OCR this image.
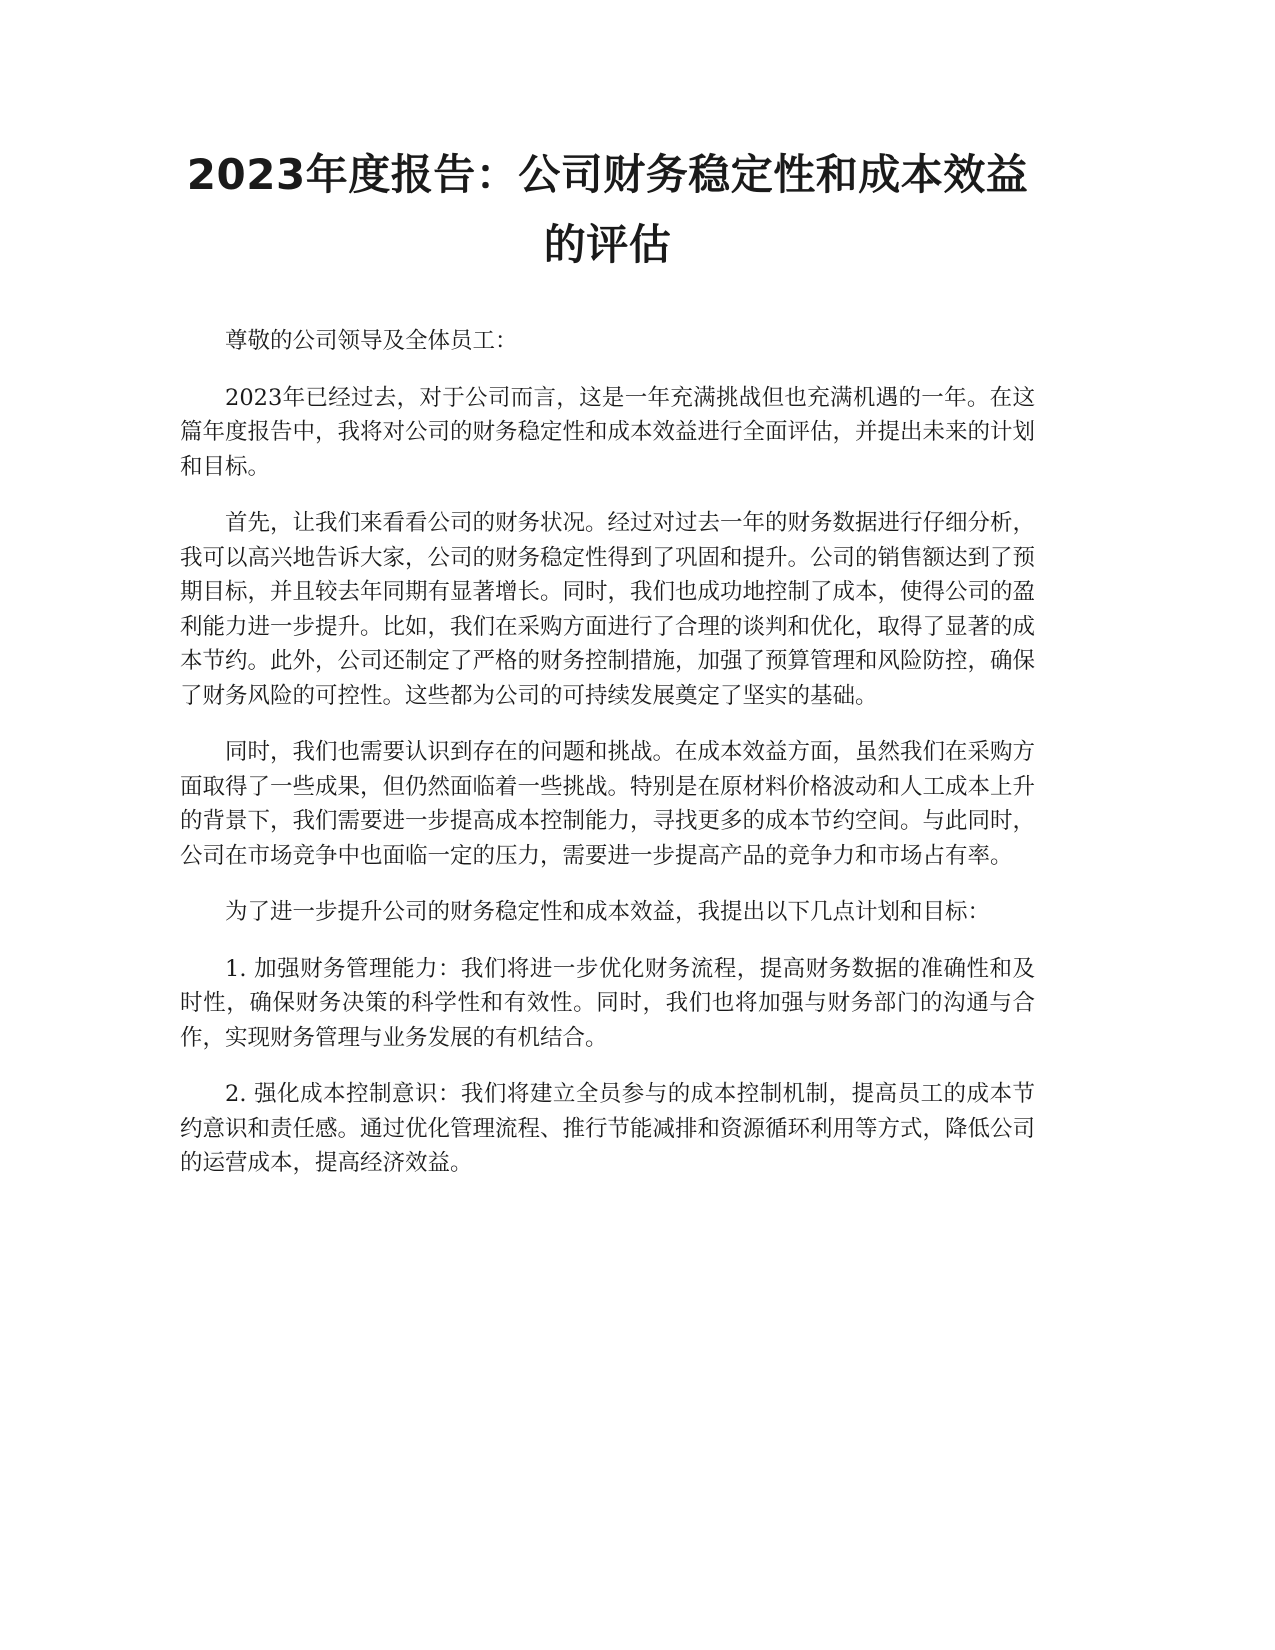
2023年度报告：公司财务稳定性和成本效益的评估

尊敬的公司领导及全体员工：

2023年已经过去，对于公司而言，这是一年充满挑战但也充满机遇的一年。在这篇年度报告中，我将对公司的财务稳定性和成本效益进行全面评估，并提出未来的计划和目标。

首先，让我们来看看公司的财务状况。经过对过去一年的财务数据进行仔细分析，我可以高兴地告诉大家，公司的财务稳定性得到了巩固和提升。公司的销售额达到了预期目标，并且较去年同期有显著增长。同时，我们也成功地控制了成本，使得公司的盈利能力进一步提升。比如，我们在采购方面进行了合理的谈判和优化，取得了显著的成本节约。此外，公司还制定了严格的财务控制措施，加强了预算管理和风险防控，确保了财务风险的可控性。这些都为公司的可持续发展奠定了坚实的基础。

同时，我们也需要认识到存在的问题和挑战。在成本效益方面，虽然我们在采购方面取得了一些成果，但仍然面临着一些挑战。特别是在原材料价格波动和人工成本上升的背景下，我们需要进一步提高成本控制能力，寻找更多的成本节约空间。与此同时，公司在市场竞争中也面临一定的压力，需要进一步提高产品的竞争力和市场占有率。

为了进一步提升公司的财务稳定性和成本效益，我提出以下几点计划和目标：

1. 加强财务管理能力：我们将进一步优化财务流程，提高财务数据的准确性和及时性，确保财务决策的科学性和有效性。同时，我们也将加强与财务部门的沟通与合作，实现财务管理与业务发展的有机结合。

2. 强化成本控制意识：我们将建立全员参与的成本控制机制，提高员工的成本节约意识和责任感。通过优化管理流程、推行节能减排和资源循环利用等方式，降低公司的运营成本，提高经济效益。
